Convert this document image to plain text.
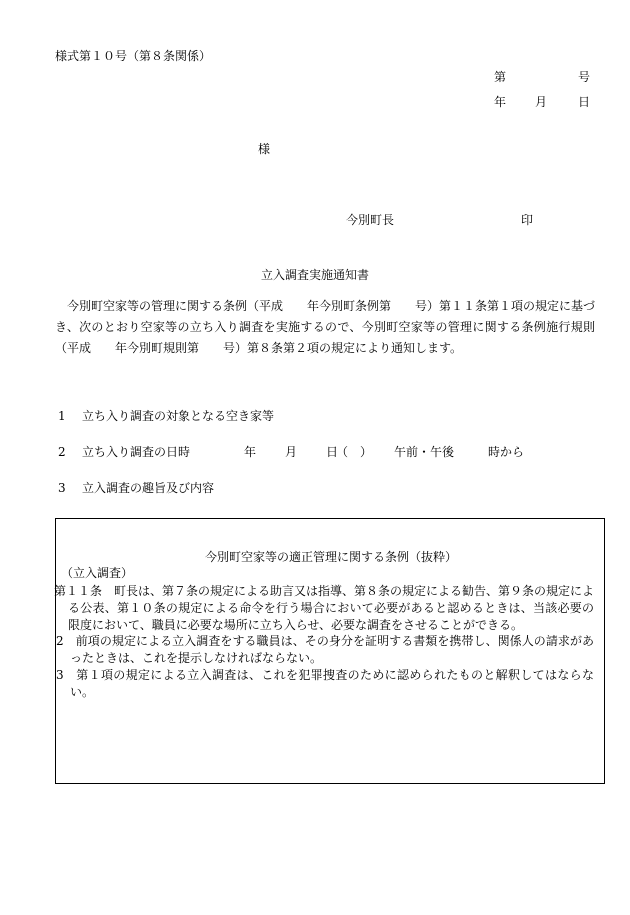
様式第１０号（第８条関係）
第	号
年 月	日
様
今別町長	印
立入調査実施通知書
今別町空家等の管理に関する条例（平成　　年今別町条例第　　号）第１１条第１項の規定に基づき、次のとおり空家等の立ち入り調査を実施するので、今別町空家等の管理に関する条例施行規則（平成　　年今別町規則第　　号）第８条第２項の規定により通知します。
1 立ち入り調査の対象となる空き家等
2 立ち入り調査の日時	年 月 日
（　） 午前・午後	時から
3 立入調査の趣旨及び内容
今別町空家等の適正管理に関する条例（抜粋）
（立入調査）

第１１条　町長は、第７条の規定による助言又は指導、第８条の規定による勧告、第９条の規定による公表、第１０条の規定による命令を行う場合において必要があると認めるときは、当該必要の限度において、職員に必要な場所に立ち入らせ、必要な調査をさせることができる。

2　前項の規定による立入調査をする職員は、その身分を証明する書類を携帯し、関係人の請求があったときは、これを提示しなければならない。

3　第１項の規定による立入調査は、これを犯罪捜査のために認められたものと解釈してはならない。
